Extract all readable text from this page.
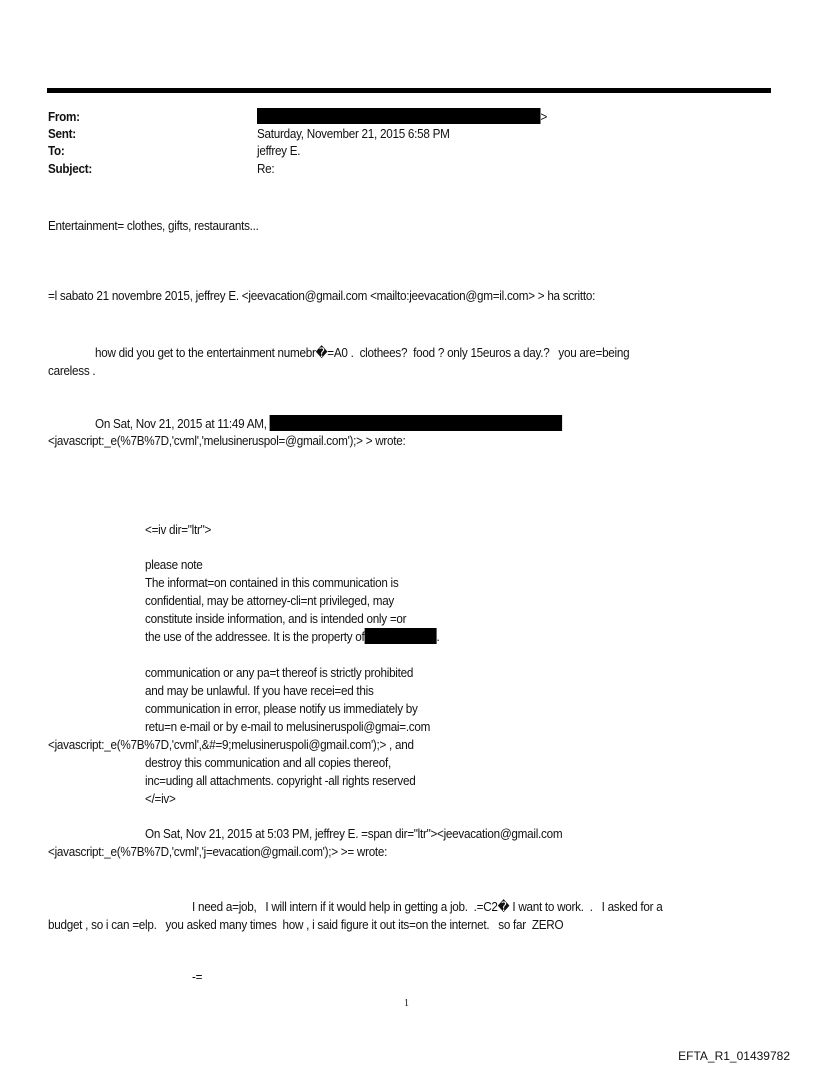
From:	>
Sent:	Saturday, November 21, 2015 6:58 PM
To:	jeffrey E.
Subject:	Re:
Entertainment= clothes, gifts, restaurants...
=l sabato 21 novembre 2015, jeffrey E. <jeevacation@gmail.com <mailto:jeevacation@gm=il.com> > ha scritto:
how did you get to the entertainment numebr�=A0 .  clothees?  food ? only 15euros a day.?   you are=being
careless .
On Sat, Nov 21, 2015 at 11:49 AM,
<javascript:_e(%7B%7D,'cvml','melusineruspol=@gmail.com');> > wrote:
<=iv dir="ltr">
please note
The informat=on contained in this communication is
confidential, may be attorney-cli=nt privileged, may
constitute inside information, and is intended only =or
the use of the addressee. It is the property of	.
communication or any pa=t thereof is strictly prohibited
and may be unlawful. If you have recei=ed this
communication in error, please notify us immediately by
retu=n e-mail or by e-mail to melusineruspoli@gmai=.com
<javascript:_e(%7B%7D,'cvml',&#=9;melusineruspoli@gmail.com');> , and
destroy this communication and all copies thereof,
inc=uding all attachments. copyright -all rights reserved
</=iv>
On Sat, Nov 21, 2015 at 5:03 PM, jeffrey E. =span dir="ltr"><jeevacation@gmail.com
<javascript:_e(%7B%7D,'cvml','j=evacation@gmail.com');> >= wrote:
I need a=job,   I will intern if it would help in getting a job.  .=C2� I want to work.  .   I asked for a
budget , so i can =elp.   you asked many times  how , i said figure it out its=on the internet.   so far  ZERO
-=
1
EFTA_R1_01439782
